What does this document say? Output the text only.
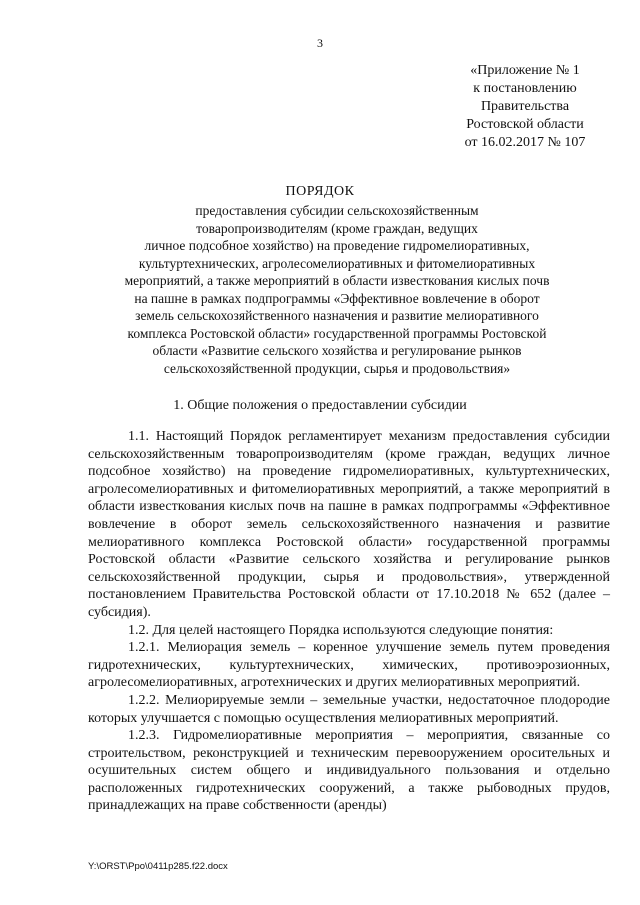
3
«Приложение № 1
к постановлению
Правительства
Ростовской области
от 16.02.2017 № 107
ПОРЯДОК
предоставления субсидии сельскохозяйственным
товаропроизводителям (кроме граждан, ведущих
личное подсобное хозяйство) на проведение гидромелиоративных,
культуртехнических, агролесомелиоративных и фитомелиоративных
мероприятий, а также мероприятий в области известкования кислых почв
на пашне в рамках подпрограммы «Эффективное вовлечение в оборот
земель сельскохозяйственного назначения и развитие мелиоративного
комплекса Ростовской области» государственной программы Ростовской
области «Развитие сельского хозяйства и регулирование рынков
сельскохозяйственной продукции, сырья и продовольствия»
1. Общие положения о предоставлении субсидии

1.1. Настоящий Порядок регламентирует механизм предоставления субсидии сельскохозяйственным товаропроизводителям (кроме граждан, ведущих личное подсобное хозяйство) на проведение гидромелиоративных, культуртехнических, агролесомелиоративных и фитомелиоративных мероприятий, а также мероприятий в области известкования кислых почв на пашне в рамках подпрограммы «Эффективное вовлечение в оборот земель сельскохозяйственного назначения и развитие мелиоративного комплекса Ростовской области» государственной программы Ростовской области «Развитие сельского хозяйства и регулирование рынков сельскохозяйственной продукции, сырья и продовольствия», утвержденной постановлением Правительства Ростовской области от 17.10.2018 № 652 (далее – субсидия).

1.2. Для целей настоящего Порядка используются следующие понятия:

1.2.1. Мелиорация земель – коренное улучшение земель путем проведения гидротехнических, культуртехнических, химических, противоэрозионных, агролесомелиоративных, агротехнических и других мелиоративных мероприятий.

1.2.2. Мелиорируемые земли – земельные участки, недостаточное плодородие которых улучшается с помощью осуществления мелиоративных мероприятий.

1.2.3. Гидромелиоративные мероприятия – мероприятия, связанные со строительством, реконструкцией и техническим перевооружением оросительных и осушительных систем общего и индивидуального пользования и отдельно расположенных гидротехнических сооружений, а также рыбоводных прудов, принадлежащих на праве собственности (аренды)

Y:\ORST\Ppo\0411p285.f22.docx
